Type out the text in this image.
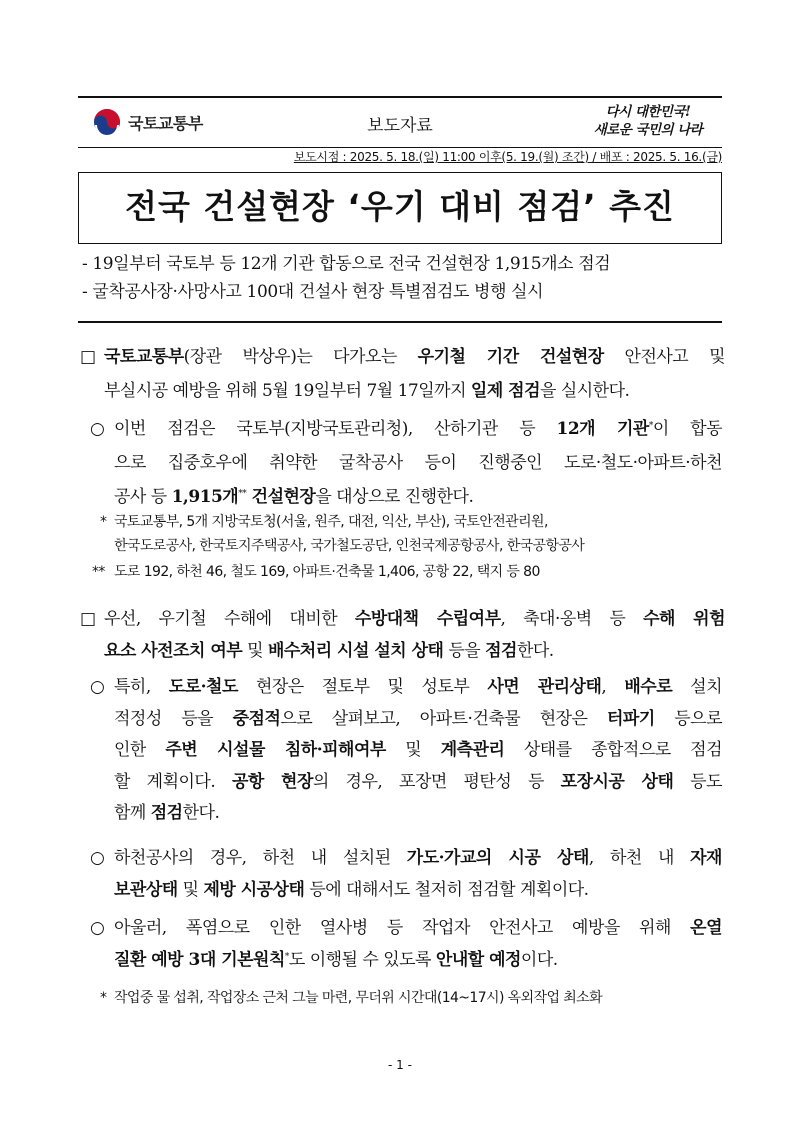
국토교통부	보도자료
다시 대한민국!
새로운 국민의 나라
보도시점 : 2025. 5. 18.(일) 11:00 이후(5. 19.(월) 조간) / 배포 : 2025. 5. 16.(금)
전국 건설현장 ‘우기 대비 점검’ 추진
- 19일부터 국토부 등 12개 기관 합동으로 전국 건설현장 1,915개소 점검
- 굴착공사장·사망사고 100대 건설사 현장 특별점검도 병행 실시

□ 국토교통부(장관 박상우)는 다가오는 우기철 기간 건설현장 안전사고 및

부실시공 예방을 위해 5월 19일부터 7월 17일까지 일제 점검을 실시한다.

○ 이번 점검은 국토부(지방국토관리청), 산하기관 등 12개 기관*이 합동

으로 집중호우에 취약한 굴착공사 등이 진행중인 도로·철도·아파트·하천

공사 등 1,915개** 건설현장을 대상으로 진행한다.

* 국토교통부, 5개 지방국토청(서울, 원주, 대전, 익산, 부산), 국토안전관리원,
한국도로공사, 한국토지주택공사, 국가철도공단, 인천국제공항공사, 한국공항공사
** 도로 192, 하천 46, 철도 169, 아파트·건축물 1,406, 공항 22, 택지 등 80

□ 우선, 우기철 수해에 대비한 수방대책 수립여부, 축대·옹벽 등 수해 위험

요소 사전조치 여부 및 배수처리 시설 설치 상태 등을 점검한다.

○ 특히, 도로·철도 현장은 절토부 및 성토부 사면 관리상태, 배수로 설치

적정성 등을 중점적으로 살펴보고, 아파트·건축물 현장은 터파기 등으로

인한 주변 시설물 침하·피해여부 및 계측관리 상태를 종합적으로 점검

할 계획이다. 공항 현장의 경우, 포장면 평탄성 등 포장시공 상태 등도

함께 점검한다.

○ 하천공사의 경우, 하천 내 설치된 가도·가교의 시공 상태, 하천 내 자재

보관상태 및 제방 시공상태 등에 대해서도 철저히 점검할 계획이다.

○ 아울러, 폭염으로 인한 열사병 등 작업자 안전사고 예방을 위해 온열

질환 예방 3대 기본원칙*도 이행될 수 있도록 안내할 예정이다.

* 작업중 물 섭취, 작업장소 근처 그늘 마련, 무더위 시간대(14~17시) 옥외작업 최소화
- 1 -
